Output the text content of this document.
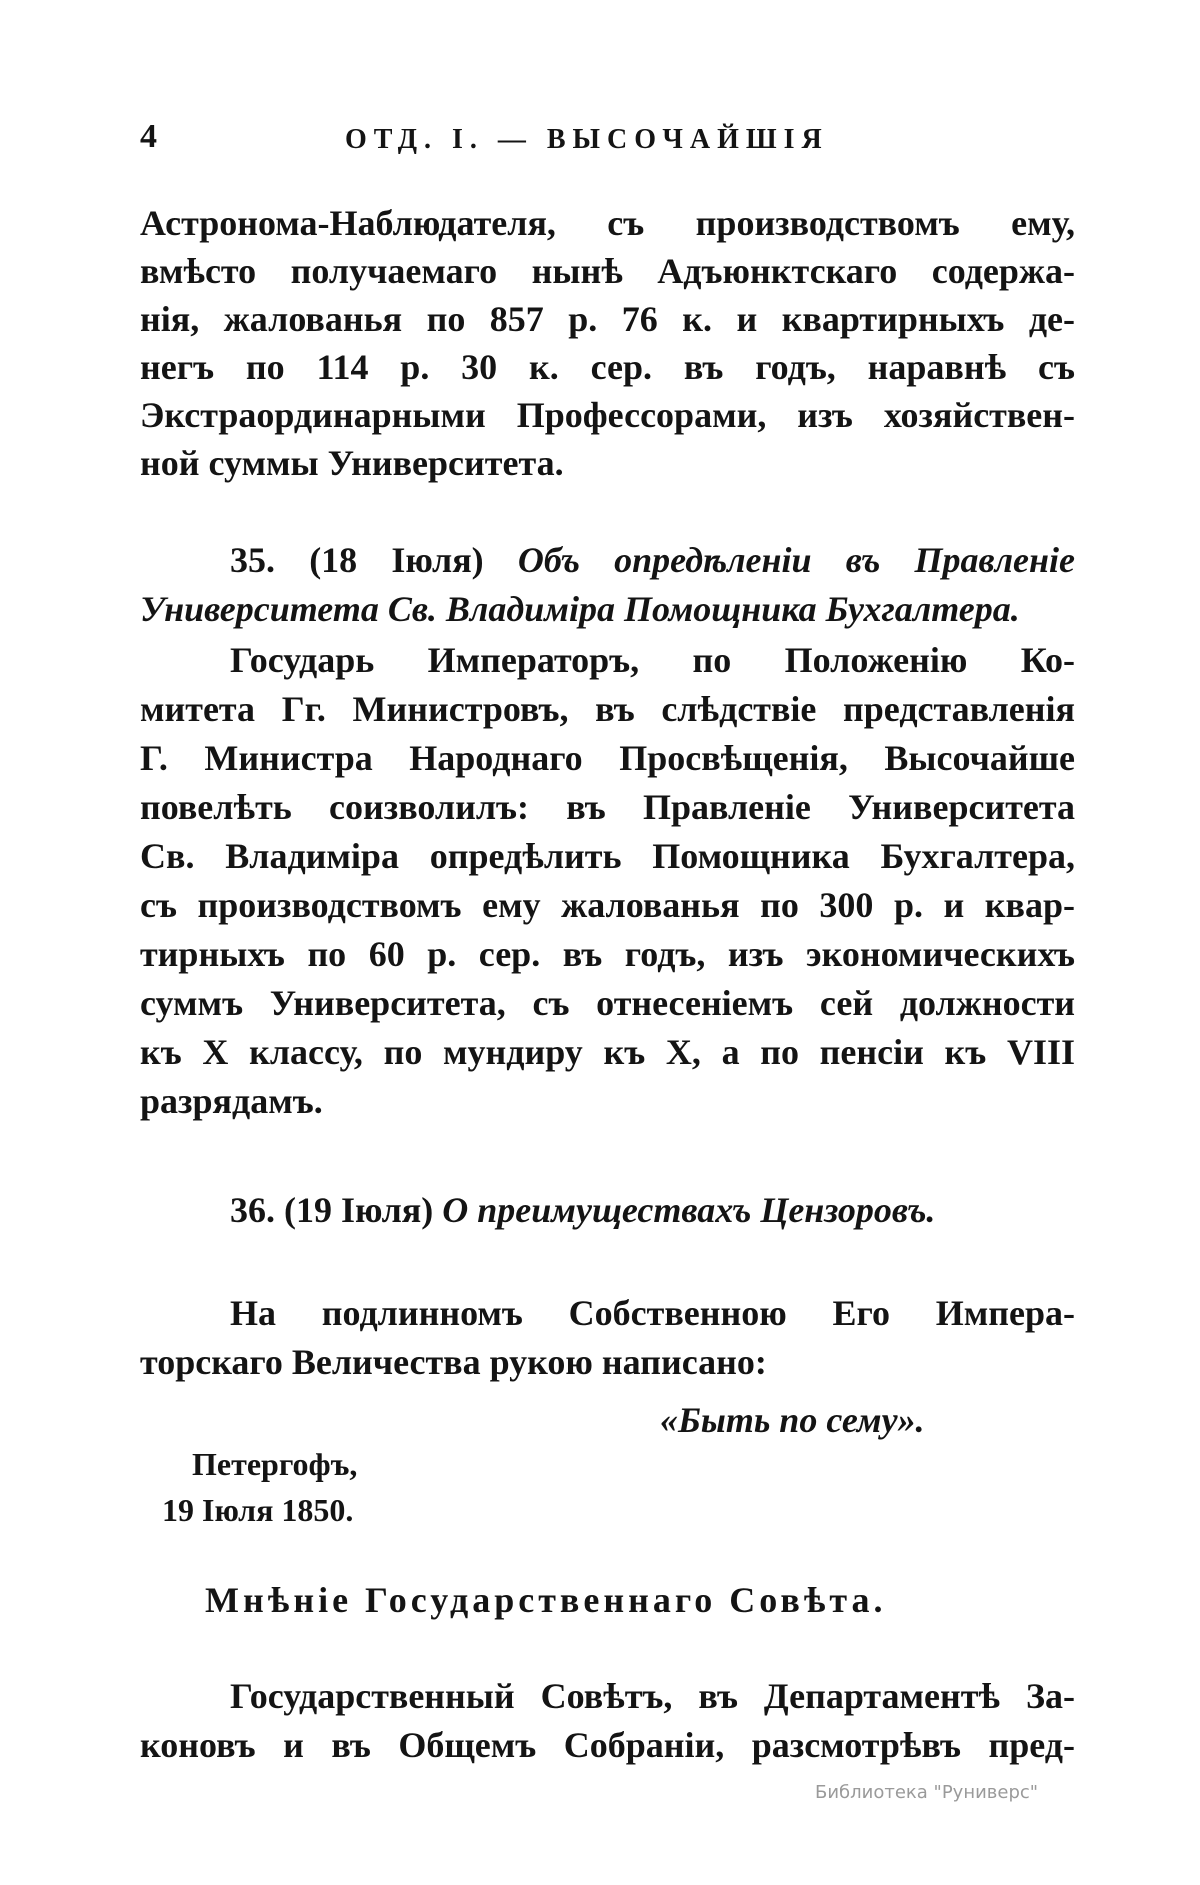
4	ОТД. I. — ВЫСОЧАЙШІЯ
Астронома-Наблюдателя, съ производствомъ ему,
вмѣсто получаемаго нынѣ Адъюнктскаго содержа-
нія, жалованья по 857 р. 76 к. и квартирныхъ де-
негъ по 114 р. 30 к. сер. въ годъ, наравнѣ съ
Экстраординарными Профессорами, изъ хозяйствен-
ной суммы Университета.
35. (18 Іюля) Объ опредѣленіи въ Правленіе
Университета Св. Владиміра Помощника Бухгалтера.
Государь Императоръ, по Положенію Ко-
митета Гг. Министровъ, въ слѣдствіе представленія
Г. Министра Народнаго Просвѣщенія, Высочайше
повелѣть соизволилъ: въ Правленіе Университета
Св. Владиміра опредѣлить Помощника Бухгалтера,
съ производствомъ ему жалованья по 300 р. и квар-
тирныхъ по 60 р. сер. въ годъ, изъ экономическихъ
суммъ Университета, съ отнесеніемъ сей должности
къ X классу, по мундиру къ X, а по пенсіи къ VIII
разрядамъ.
36. (19 Іюля) О преимуществахъ Цензоровъ.
На подлинномъ Собственною Его Импера-
торскаго Величества рукою написано:
«Быть по сему».
Петергофъ,
19 Іюля 1850.
Мнѣніе Государственнаго Совѣта.
Государственный Совѣтъ, въ Департаментѣ За-
коновъ и въ Общемъ Собраніи, разсмотрѣвъ пред-
Библиотека "Руниверс"
